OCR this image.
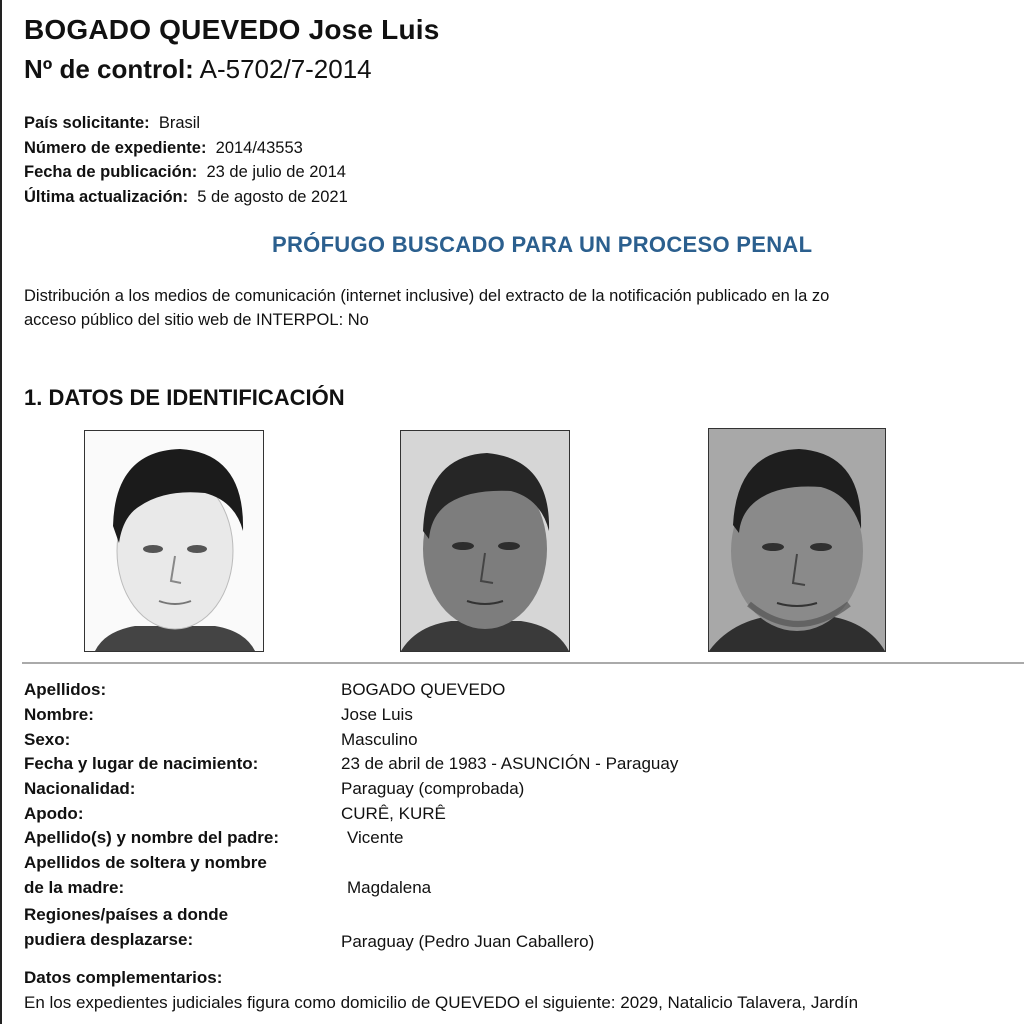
BOGADO QUEVEDO Jose Luis
Nº de control: A-5702/7-2014
País solicitante: Brasil
Número de expediente: 2014/43553
Fecha de publicación: 23 de julio de 2014
Última actualización: 5 de agosto de 2021
PRÓFUGO BUSCADO PARA UN PROCESO PENAL
Distribución a los medios de comunicación (internet inclusive) del extracto de la notificación publicado en la zo
acceso público del sitio web de INTERPOL: No
1. DATOS DE IDENTIFICACIÓN
Apellidos:	BOGADO QUEVEDO
Nombre:	Jose Luis
Sexo:	Masculino
Fecha y lugar de nacimiento:	23 de abril de 1983 - ASUNCIÓN - Paraguay
Nacionalidad:	Paraguay (comprobada)
Apodo:	CURÊ, KURÊ
Apellido(s) y nombre del padre:	Vicente
Apellidos de soltera y nombre
de la madre:	Magdalena
Regiones/países a donde
pudiera desplazarse:	Paraguay (Pedro Juan Caballero)
Datos complementarios:
En los expedientes judiciales figura como domicilio de QUEVEDO el siguiente: 2029, Natalicio Talavera, Jardín
